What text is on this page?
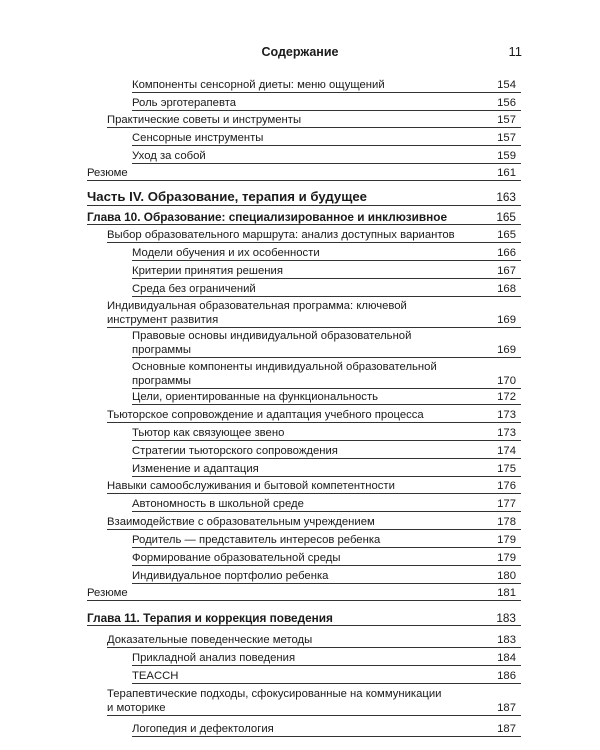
Содержание	11
Компоненты сенсорной диеты: меню ощущений	154
Роль эрготерапевта	156
Практические советы и инструменты	157
Сенсорные инструменты	157
Уход за собой	159
Резюме	161
Часть IV. Образование, терапия и будущее	163
Глава 10. Образование: специализированное и инклюзивное	165
Выбор образовательного маршрута: анализ доступных вариантов	165
Модели обучения и их особенности	166
Критерии принятия решения	167
Среда без ограничений	168
Индивидуальная образовательная программа: ключевой
инструмент развития	169
Правовые основы индивидуальной образовательной
программы	169
Основные компоненты индивидуальной образовательной
программы	170
Цели, ориентированные на функциональность	172
Тьюторское сопровождение и адаптация учебного процесса	173
Тьютор как связующее звено	173
Стратегии тьюторского сопровождения	174
Изменение и адаптация	175
Навыки самообслуживания и бытовой компетентности	176
Автономность в школьной среде	177
Взаимодействие с образовательным учреждением	178
Родитель — представитель интересов ребенка	179
Формирование образовательной среды	179
Индивидуальное портфолио ребенка	180
Резюме	181
Глава 11. Терапия и коррекция поведения	183
Доказательные поведенческие методы	183
Прикладной анализ поведения	184
TEACCH	186
Терапевтические подходы, сфокусированные на коммуникации
и моторике	187
Логопедия и дефектология	187
